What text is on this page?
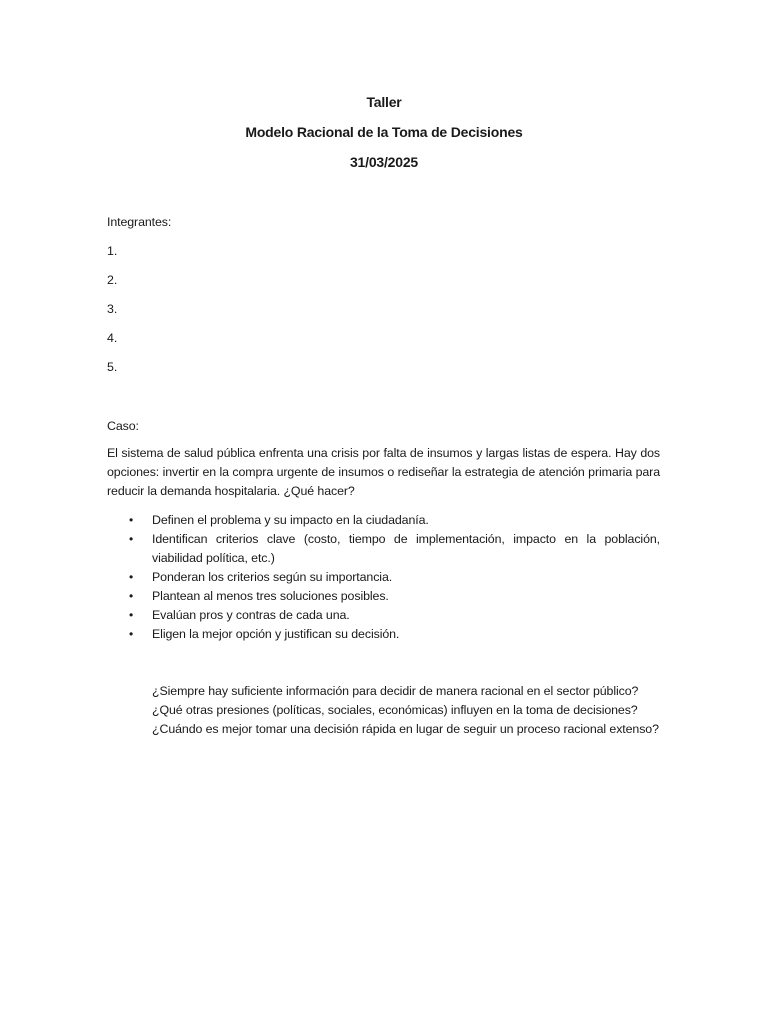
Taller
Modelo Racional de la Toma de Decisiones
31/03/2025
Integrantes:
1.
2.
3.
4.
5.
Caso:
El sistema de salud pública enfrenta una crisis por falta de insumos y largas listas de espera. Hay dos opciones: invertir en la compra urgente de insumos o rediseñar la estrategia de atención primaria para reducir la demanda hospitalaria. ¿Qué hacer?
• Definen el problema y su impacto en la ciudadanía.
• Identifican criterios clave (costo, tiempo de implementación, impacto en la población, viabilidad política, etc.)
• Ponderan los criterios según su importancia.
• Plantean al menos tres soluciones posibles.
• Evalúan pros y contras de cada una.
• Eligen la mejor opción y justifican su decisión.

¿Siempre hay suficiente información para decidir de manera racional en el sector público?

¿Qué otras presiones (políticas, sociales, económicas) influyen en la toma de decisiones?

¿Cuándo es mejor tomar una decisión rápida en lugar de seguir un proceso racional extenso?
